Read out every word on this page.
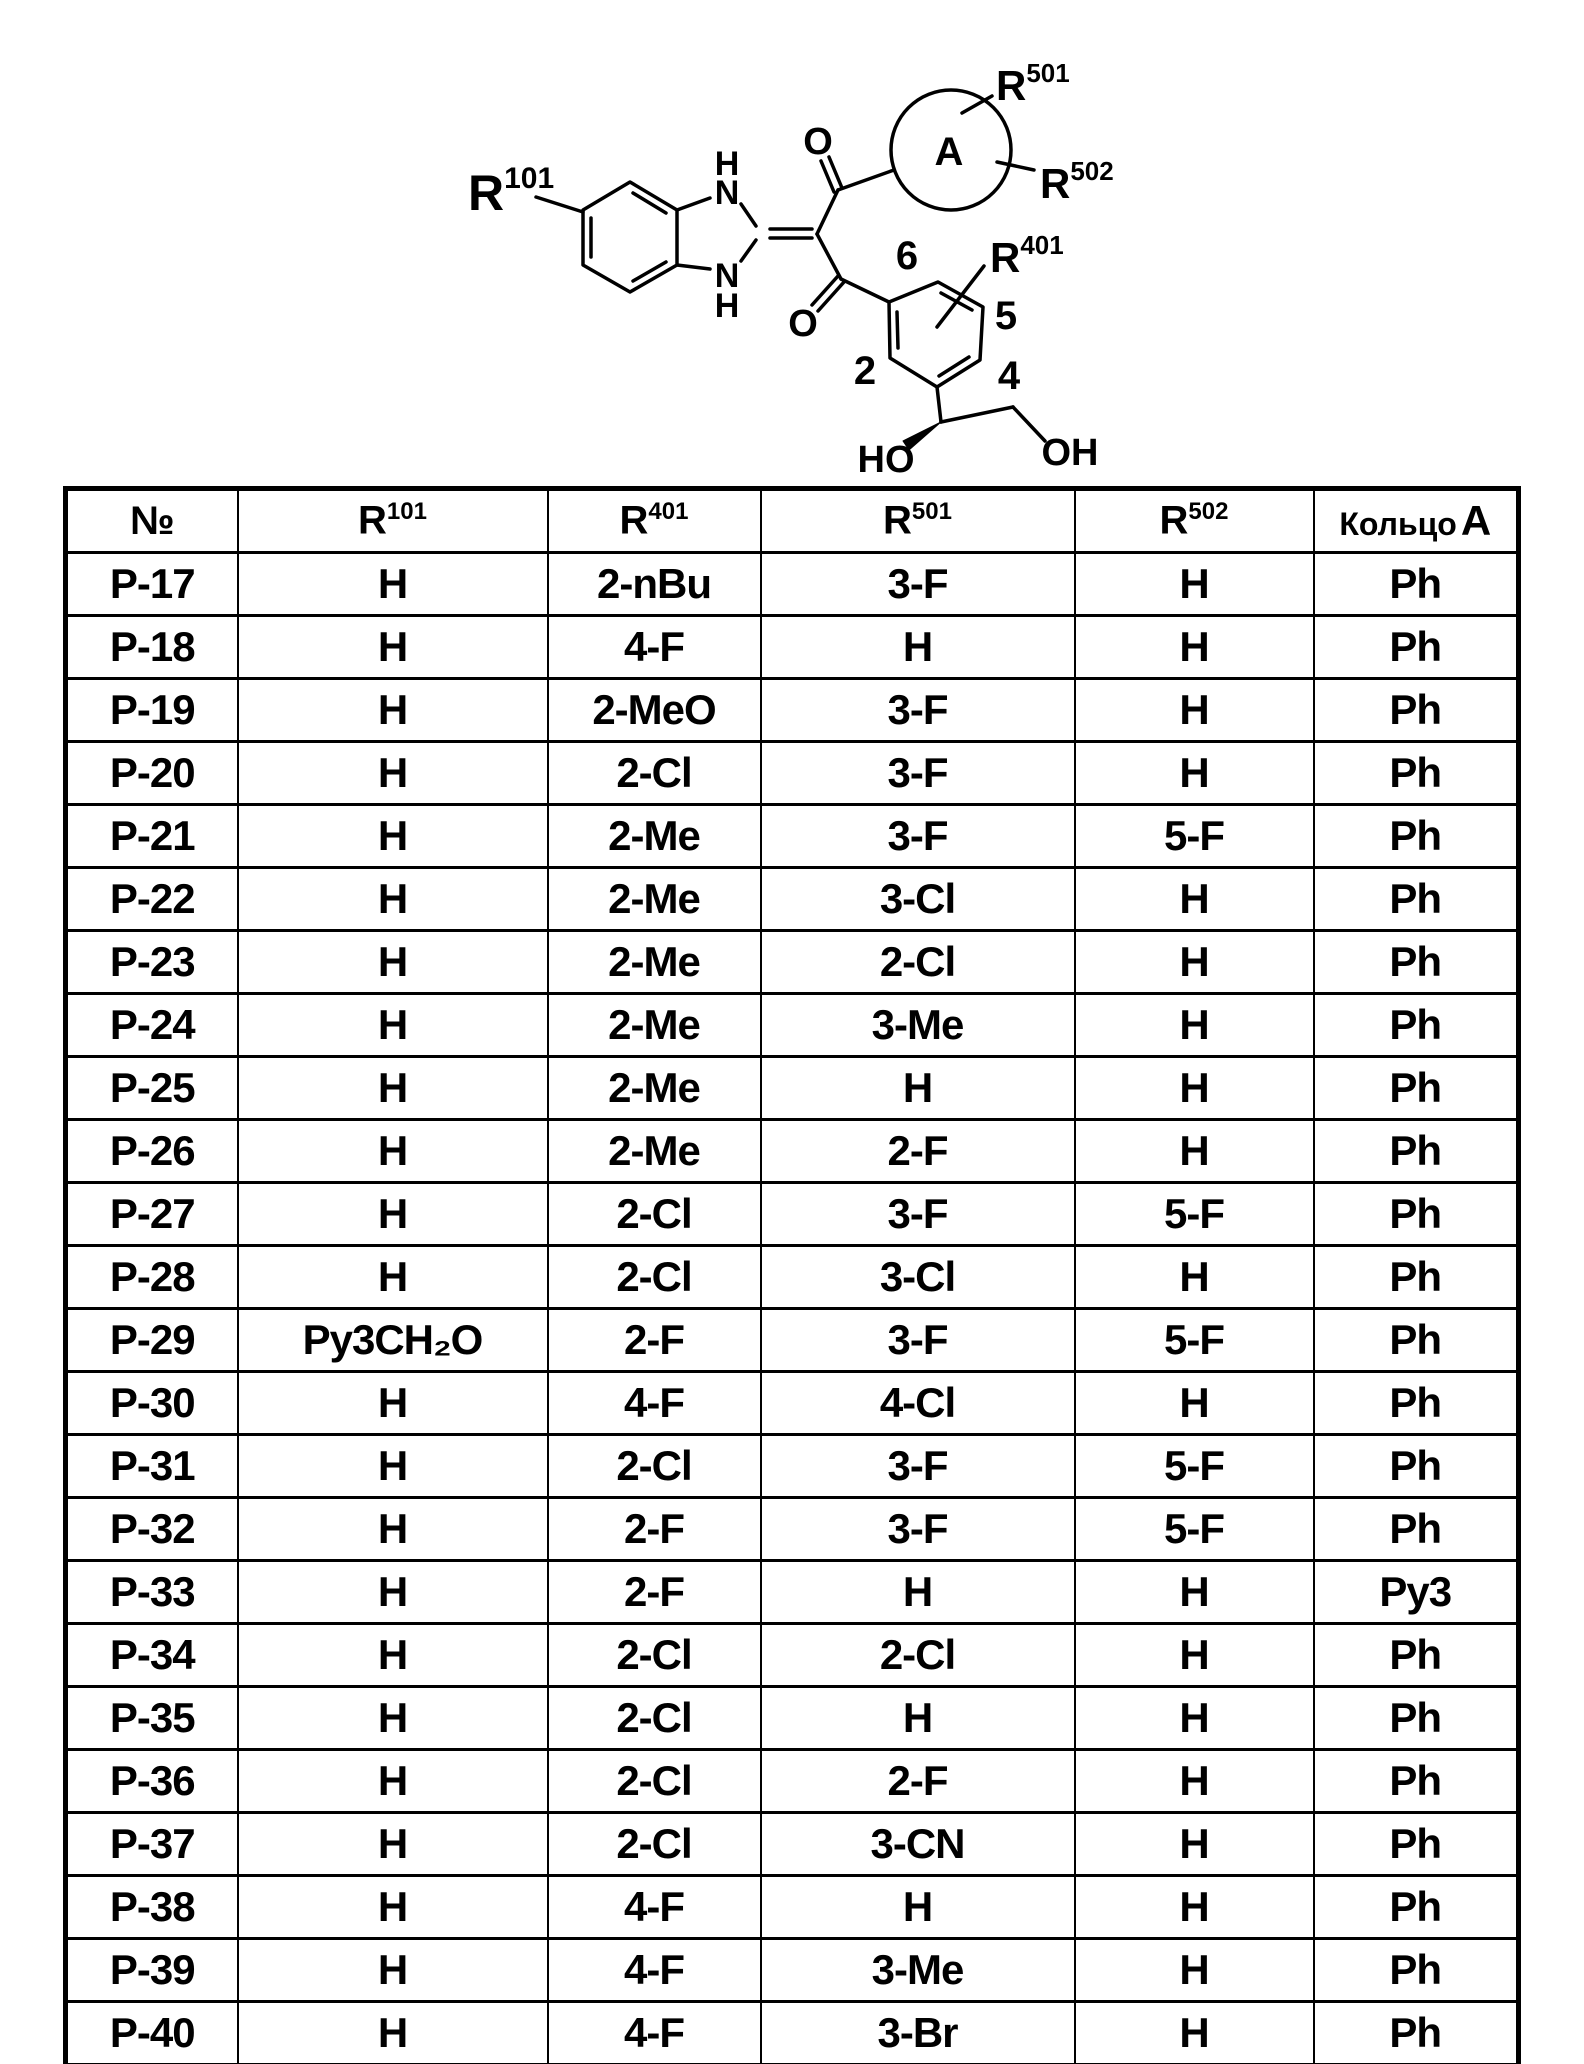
$R^{101}$	H
N
N
H
O
O
A
$R^{501}$
$R^{502}$
$R^{401}$
6
5
4
2
HO	OH
№	$R^{101}$	$R^{401}$	$R^{501}$	$R^{502}$	КольцоА
P-17	H	2-nBu	3-F	H	Ph
P-18	H	4-F	H	H	Ph
P-19	H	2-MeO	3-F	H	Ph
P-20	H	2-Cl	3-F	H	Ph
P-21	H	2-Me	3-F	5-F	Ph
P-22	H	2-Me	3-Cl	H	Ph
P-23	H	2-Me	2-Cl	H	Ph
P-24	H	2-Me	3-Me	H	Ph
P-25	H	2-Me	H	H	Ph
P-26	H	2-Me	2-F	H	Ph
P-27	H	2-Cl	3-F	5-F	Ph
P-28	H	2-Cl	3-Cl	H	Ph
P-29	Py3CH₂O	2-F	3-F	5-F	Ph
P-30	H	4-F	4-Cl	H	Ph
P-31	H	2-Cl	3-F	5-F	Ph
P-32	H	2-F	3-F	5-F	Ph
P-33	H	2-F	H	H	Py3
P-34	H	2-Cl	2-Cl	H	Ph
P-35	H	2-Cl	H	H	Ph
P-36	H	2-Cl	2-F	H	Ph
P-37	H	2-Cl	3-CN	H	Ph
P-38	H	4-F	H	H	Ph
P-39	H	4-F	3-Me	H	Ph
P-40	H	4-F	3-Br	H	Ph
